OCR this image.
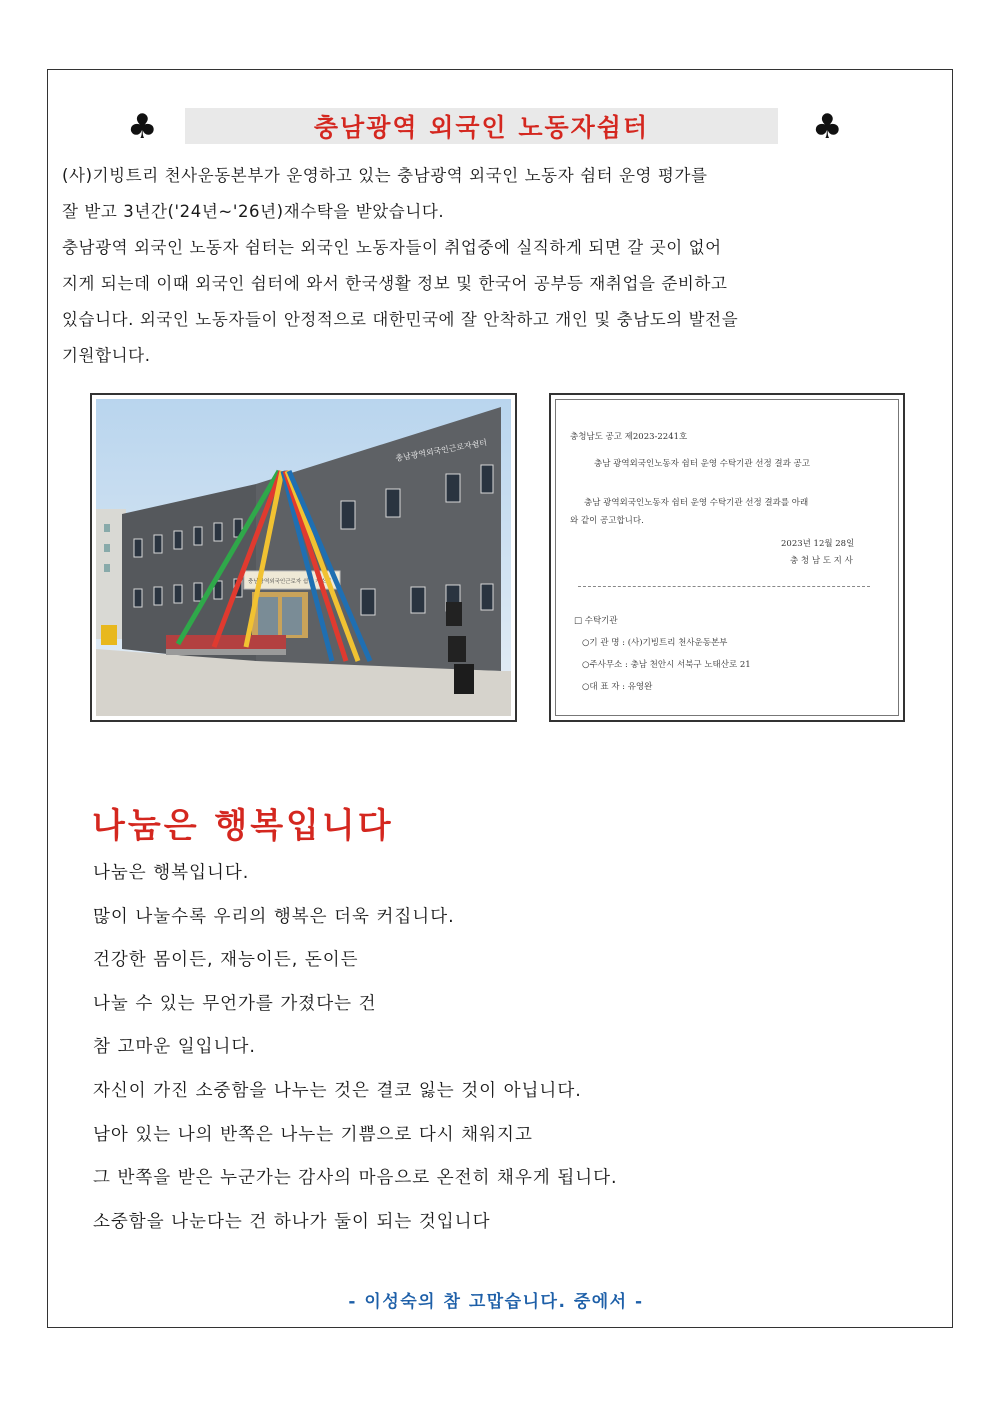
♣	충남광역 외국인 노동자쉼터	♣

(사)기빙트리 천사운동본부가 운영하고 있는 충남광역 외국인 노동자 쉼터 운영 평가를

잘 받고 3년간('24년~'26년)재수탁을 받았습니다.

충남광역 외국인 노동자 쉼터는 외국인 노동자들이 취업중에 실직하게 되면 갈 곳이 없어

지게 되는데 이때 외국인 쉼터에 와서 한국생활 정보 및 한국어 공부등 재취업을 준비하고

있습니다. 외국인 노동자들이 안정적으로 대한민국에 잘 안착하고 개인 및 충남도의 발전을

기원합니다.

충남광역외국인근로자쉼터
충남광역외국인근로자 쉼터 개소식
충청남도 공고 제2023-2241호
충남 광역외국인노동자 쉼터 운영 수탁기관 선정 결과 공고
충남 광역외국인노동자 쉼터 운영 수탁기관 선정 결과를 아래
와 같이 공고합니다.
2023년 12월 28일
충 청 남 도 지 사
□ 수탁기관
○기 관 명 : (사)기빙트리 천사운동본부
○주사무소 : 충남 천안시 서북구 노태산로 21
○대 표 자 : 유영완
나눔은 행복입니다

나눔은 행복입니다.

많이 나눌수록 우리의 행복은 더욱 커집니다.

건강한 몸이든, 재능이든, 돈이든

나눌 수 있는 무언가를 가졌다는 건

참 고마운 일입니다.

자신이 가진 소중함을 나누는 것은 결코 잃는 것이 아닙니다.

남아 있는 나의 반쪽은 나누는 기쁨으로 다시 채워지고

그 반쪽을 받은 누군가는 감사의 마음으로 온전히 채우게 됩니다.

소중함을 나눈다는 건 하나가 둘이 되는 것입니다

- 이성숙의 참 고맙습니다. 중에서 -
